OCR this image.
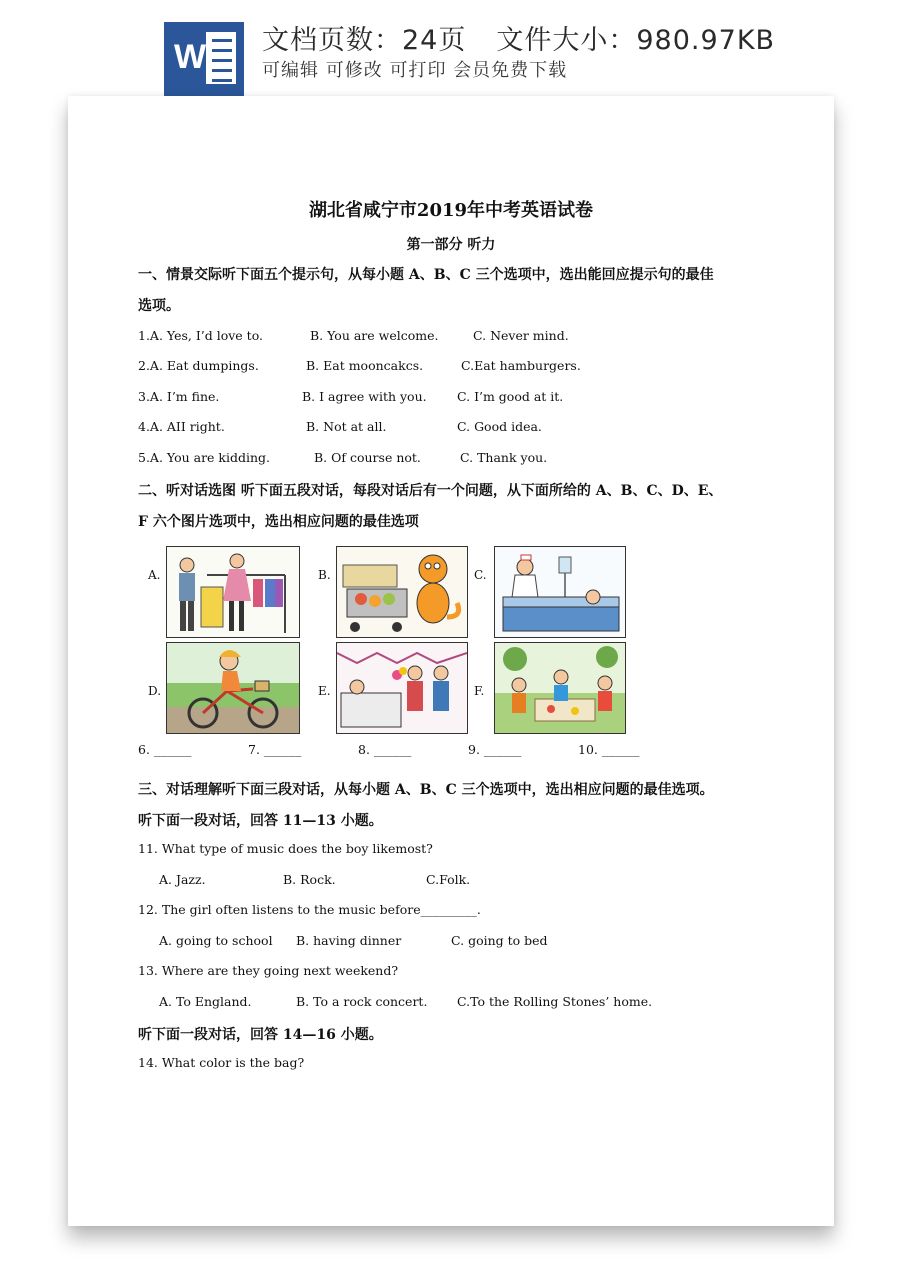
W 文档页数：24页 文件大小：980.97KB
可编辑 可修改 可打印 会员免费下载
湖北省咸宁市2019年中考英语试卷
第一部分 听力
一、情景交际听下面五个提示句，从每小题 A、B、C 三个选项中，选出能回应提示句的最佳
选项。
1.A. Yes, I’d love to.	B. You are welcome.	C. Never mind.
2.A. Eat dumpings.	B. Eat mooncakcs.	C.Eat hamburgers.
3.A. I’m fine.	B. I agree with you. C. I’m good at it.
4.A. AII right.	B. Not at all.	C. Good idea.
5.A. You are kidding.	B. Of course not.	C. Thank you.
二、听对话选图 听下面五段对话，每段对话后有一个问题，从下面所给的 A、B、C、D、E、
F 六个图片选项中，选出相应问题的最佳选项
A.	B.	C.
D.	E.	F.
6. ______	7. ______	8. ______	9. ______	10. ______
三、对话理解听下面三段对话，从每小题 A、B、C 三个选项中，选出相应问题的最佳选项。
听下面一段对话，回答 11—13 小题。
11. What type of music does the boy likemost?
A. Jazz.	B. Rock.	C.Folk.
12. The girl often listens to the music before_________.
A. going to school B. having dinner	C. going to bed
13. Where are they going next weekend?
A. To England.	B. To a rock concert. C.To the Rolling Stones’ home.
听下面一段对话，回答 14—16 小题。
14. What color is the bag?
